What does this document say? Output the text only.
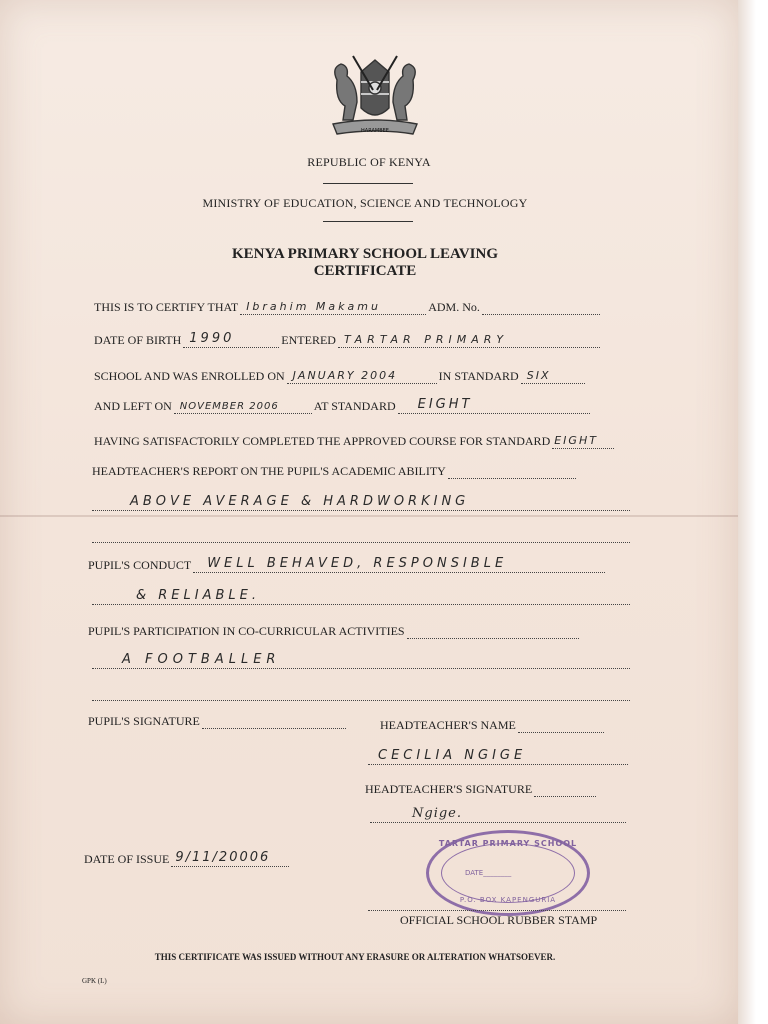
HARAMBEE
REPUBLIC OF KENYA
MINISTRY OF EDUCATION, SCIENCE AND TECHNOLOGY
KENYA PRIMARY SCHOOL LEAVING
CERTIFICATE
THIS IS TO CERTIFY THAT Ibrahim Makamu	ADM. No.
DATE OF BIRTH 1990	ENTERED TARTAR PRIMARY
SCHOOL AND WAS ENROLLED ON JANUARY 2004	IN STANDARD SIX
AND LEFT ON NOVEMBER 2006	AT STANDARD EIGHT
HAVING SATISFACTORILY COMPLETED THE APPROVED COURSE FOR STANDARD EIGHT
HEADTEACHER'S REPORT ON THE PUPIL'S ACADEMIC ABILITY
ABOVE AVERAGE & HARDWORKING
PUPIL'S CONDUCT WELL BEHAVED, RESPONSIBLE
& RELIABLE.
PUPIL'S PARTICIPATION IN CO-CURRICULAR ACTIVITIES
A FOOTBALLER
PUPIL'S SIGNATURE	HEADTEACHER'S NAME
CECILIA NGIGE
HEADTEACHER'S SIGNATURE
Ngige.
DATE OF ISSUE 9/11/20006
TARTAR PRIMARY SCHOOL
DATE________
P.O. BOX KAPENGURIA
OFFICIAL SCHOOL RUBBER STAMP
THIS CERTIFICATE WAS ISSUED WITHOUT ANY ERASURE OR ALTERATION WHATSOEVER.
GPK (L)
